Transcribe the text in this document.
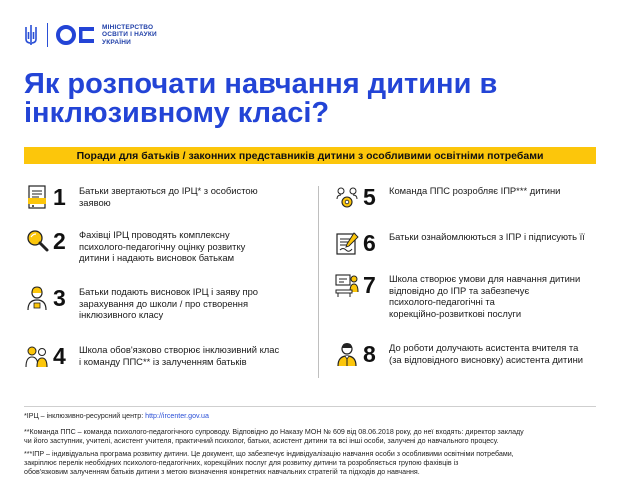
МІНІСТЕРСТВО
ОСВІТИ І НАУКИ
УКРАЇНИ
Як розпочати навчання дитини в
інклюзивному класі?
Поради для батьків / законних представників дитини з особливими освітніми потребами
1	Батьки звертаються до ІРЦ* з особистою
заявою
2	Фахівці ІРЦ проводять комплексну
психолого-педагогічну оцінку розвитку
дитини і надають висновок батькам
3	Батьки подають висновок ІРЦ і заяву про
зарахування до школи / про створення
інклюзивного класу
4	Школа обов'язково створює інклюзивний клас
і команду ППС** із залученням батьків
5	Команда ППС розробляє ІПР*** дитини
6	Батьки ознайомлюються з ІПР і підписують її
7	Школа створює умови для навчання дитини
відповідно до ІПР та забезпечує
психолого-педагогічні та
корекційно-розвиткові послуги
8	До роботи долучають асистента вчителя та
(за відповідного висновку) асистента дитини

*ІРЦ – інклюзивно-ресурсний центр: http://ircenter.gov.ua

**Команда ППС – команда психолого-педагогічного супроводу. Відповідно до Наказу МОН № 609 від 08.06.2018 року, до неї входять: директор закладу
чи його заступник, учителі, асистент учителя, практичний психолог, батьки, асистент дитини та всі інші особи, залучені до навчального процесу.

***ІПР – індивідуальна програма розвитку дитини. Це документ, що забезпечує індивідуалізацію навчання особи з особливими освітніми потребами,
закріплює перелік необхідних психолого-педагогічних, корекційних послуг для розвитку дитини та розробляється групою фахівців із
обов'язковим залученням батьків дитини з метою визначення конкретних навчальних стратегій та підходів до навчання.
